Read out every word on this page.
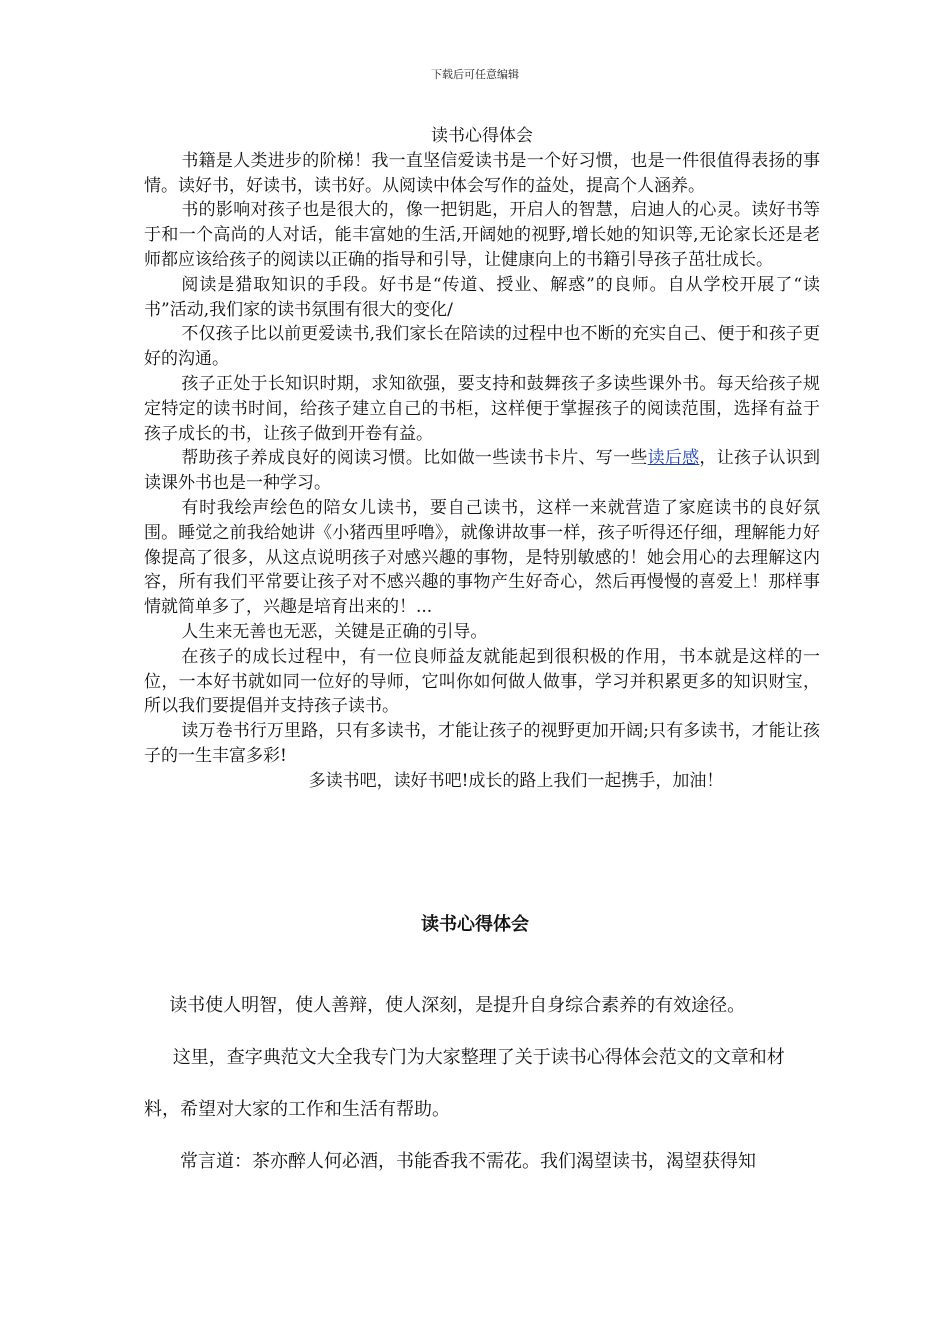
下载后可任意编辑

读书心得体会

书籍是人类进步的阶梯！我一直坚信爱读书是一个好习惯，也是一件很值得表扬的事情。读好书，好读书，读书好。从阅读中体会写作的益处，提高个人涵养。

书的影响对孩子也是很大的，像一把钥匙，开启人的智慧，启迪人的心灵。读好书等于和一个高尚的人对话，能丰富她的生活,开阔她的视野,增长她的知识等,无论家长还是老师都应该给孩子的阅读以正确的指导和引导，让健康向上的书籍引导孩子茁壮成长。

阅读是猎取知识的手段。好书是“传道、授业、解惑”的良师。自从学校开展了“读书”活动,我们家的读书氛围有很大的变化/

不仅孩子比以前更爱读书,我们家长在陪读的过程中也不断的充实自己、便于和孩子更好的沟通。

孩子正处于长知识时期，求知欲强，要支持和鼓舞孩子多读些课外书。每天给孩子规定特定的读书时间，给孩子建立自己的书柜，这样便于掌握孩子的阅读范围，选择有益于孩子成长的书，让孩子做到开卷有益。

帮助孩子养成良好的阅读习惯。比如做一些读书卡片、写一些读后感，让孩子认识到读课外书也是一种学习。

有时我绘声绘色的陪女儿读书，要自己读书，这样一来就营造了家庭读书的良好氛围。睡觉之前我给她讲《小猪西里呼噜》，就像讲故事一样，孩子听得还仔细，理解能力好像提高了很多，从这点说明孩子对感兴趣的事物，是特别敏感的！她会用心的去理解这内容，所有我们平常要让孩子对不感兴趣的事物产生好奇心，然后再慢慢的喜爱上！那样事情就简单多了，兴趣是培育出来的！...

人生来无善也无恶，关键是正确的引导。

在孩子的成长过程中，有一位良师益友就能起到很积极的作用，书本就是这样的一位，一本好书就如同一位好的导师，它叫你如何做人做事，学习并积累更多的知识财宝，所以我们要提倡并支持孩子读书。

读万卷书行万里路，只有多读书，才能让孩子的视野更加开阔;只有多读书，才能让孩子的一生丰富多彩!

多读书吧，读好书吧!成长的路上我们一起携手，加油！

读书心得体会

读书使人明智，使人善辩，使人深刻，是提升自身综合素养的有效途径。

这里，查字典范文大全我专门为大家整理了关于读书心得体会范文的文章和材料，希望对大家的工作和生活有帮助。

常言道：茶亦醉人何必酒，书能香我不需花。我们渴望读书，渴望获得知
